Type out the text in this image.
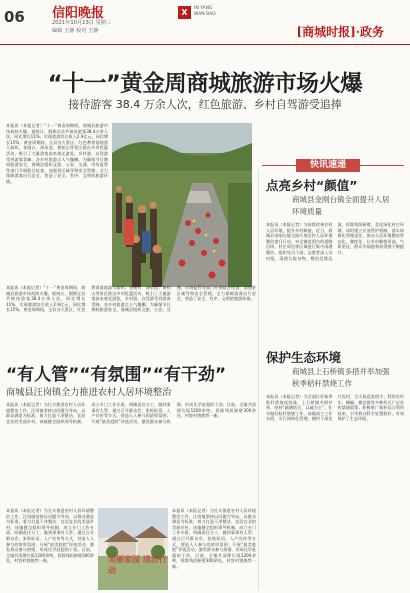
06 信阳晚报
2021年10月13日 星期三
编辑 王静 校对 王静
X	IN YANG
WAN BAO
[商城时报]·政务
“十一”黄金周商城旅游市场火爆
接待游客 38.4 万余人次，红色旅游、乡村自驾游受追捧
本报讯（本报记者）“十一”黄金周期间，商城县旅游市场持续火爆。据统计，假期全县共接待游客38.4万余人次，同比增长11%，实现旅游综合收入2.9亿元，同比增长15%。黄金周期间，全县各大景区、红色教育基地游人如织。金刚台、汤泉池、黄柏山等景区推出多项优惠活动，吸引了大量游客前来观光游览。乡村游、自驾游受到游客青睐，各乡村旅游点人气爆棚。为确保节日期间旅游安全，商城县组织文旅、公安、交通、市场监管等部门开展联合检查，加强景区疏导和安全管理，全力保障游客出行安全，营造了安全、有序、文明的旅游环境。
本报讯（本报记者）“十一”黄金周期间，商城县旅游市场持续火爆。据统计，假期全县共接待游客38.4万余人次，同比增长11%，实现旅游综合收入2.9亿元，同比增长15%。黄金周期间，全县各大景区、红色教育基地游人如织。金刚台、汤泉池、黄柏山等景区推出多项优惠活动，吸引了大量游客前来观光游览。乡村游、自驾游受到游客青睐，各乡村旅游点人气爆棚。为确保节日期间旅游安全，商城县组织文旅、公安、交通、市场监管等部门开展联合检查，加强景区疏导和安全管理，全力保障游客出行安全，营造了安全、有序、文明的旅游环境。
快讯速递
点亮乡村“颜值”
商城县金刚台镇全面提升人居
环境质量
本报讯（本报记者）为持续改善农村人居环境，提升乡村颜值，近日，商城县金刚台镇全面开展农村人居环境整治提升行动，对全镇范围内的道路沿线、村庄周边等区域进行集中清理整治，组织党员干部、志愿者深入各村组，清理垃圾杂物，整治乱堆乱放，拆除残垣断壁，美化绿化村庄环境。同时建立长效管护机制，落实网格化管理责任，推动人居环境整治常态化、制度化，让乡村颜值更高、气质更佳，群众幸福感和获得感不断提升。
保护生态环境
商城县上石桥镇多措并举加强
秋季秸秆禁烧工作
本报讯（本报记者）为全面打好秋季秸秆禁烧攻坚战，上石桥镇多措并举，坚持“疏堵结合、以疏为主”，扎实做好秸秆禁烧工作。该镇成立工作专班，实行网格化管理，镇村干部包片包村，全天候巡查值守；利用宣传车、横幅、微信群等多种形式广泛宣传禁烧政策；积极推广秸秆综合利用技术，引导群众科学处置秸秆，有效保护了生态环境。
“有人管”“有氛围”“有干劲”
商城县汪岗镇全力推进农村人居环境整治
本报讯（本报记者）为扎实推进农村人居环境整治工作，汪岗镇坚持以问题为导向，以群众满意为标准，着力打造干净整洁、宜居宜业的美丽乡村。该镇健全组织领导机制，成立专门工作专班，明确责任分工，做到事事有人管；通过召开群众会、张贴标语、入户宣传等方式，营造人人参与的浓厚氛围；开展“最美庭院”评选活动，激发群众参与热情，形成比学赶超的干劲。目前，全镇共清理垃圾1200余吨，拆除残垣断壁300余处，村容村貌焕然一新。
本报讯（本报记者）为扎实推进农村人居环境整治工作，汪岗镇坚持以问题为导向，以群众满意为标准，着力打造干净整洁、宜居宜业的美丽乡村。该镇健全组织领导机制，成立专门工作专班，明确责任分工，做到事事有人管；通过召开群众会、张贴标语、入户宣传等方式，营造人人参与的浓厚氛围；开展“最美庭院”评选活动，激发群众参与热情，形成比学赶超的干劲。目前，全镇共清理垃圾1200余吨，拆除残垣断壁300余处，村容村貌焕然一新。
本报讯（本报记者）为扎实推进农村人居环境整治工作，汪岗镇坚持以问题为导向，以群众满意为标准，着力打造干净整洁、宜居宜业的美丽乡村。该镇健全组织领导机制，成立专门工作专班，明确责任分工，做到事事有人管；通过召开群众会、张贴标语、入户宣传等方式，营造人人参与的浓厚氛围；开展“最美庭院”评选活动，激发群众参与热情，形成比学赶超的干劲。目前，全镇共清理垃圾1200余吨，拆除残垣断壁300余处，村容村貌焕然一新。
美丽家园 清洁行动
